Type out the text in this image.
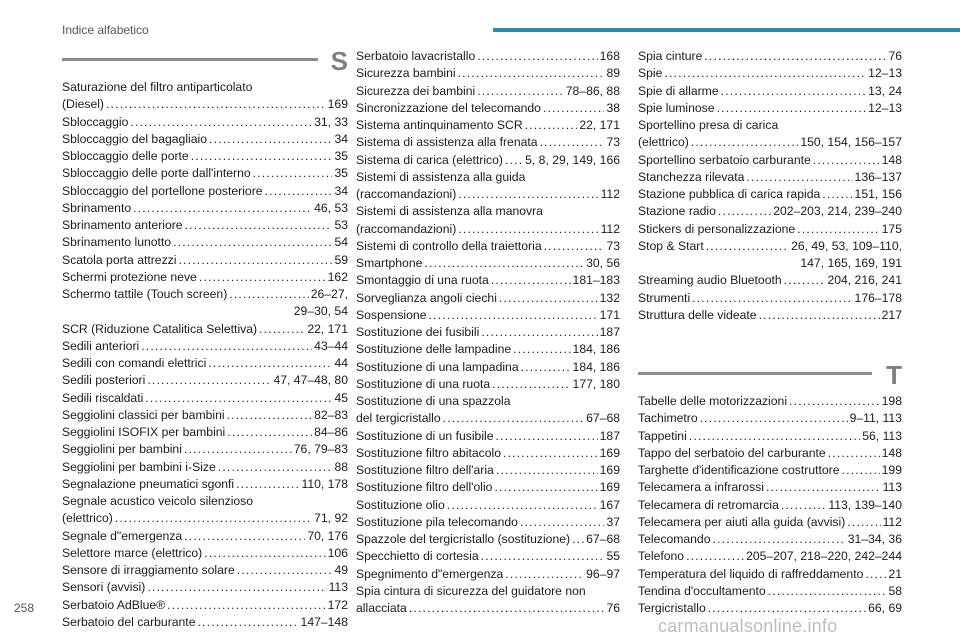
Indice alfabetico
S
Saturazione del filtro antiparticolato
(Diesel) . . .	169
Sbloccaggio . . .	31, 33
Sbloccaggio del bagagliaio . . .	34
Sbloccaggio delle porte . . .	35
Sbloccaggio delle porte dall'interno . . .	35
Sbloccaggio del portellone posteriore . . .	34
Sbrinamento . . .	46, 53
Sbrinamento anteriore . . .	53
Sbrinamento lunotto . . .	54
Scatola porta attrezzi . . .	59
Schermi protezione neve . . .	162
Schermo tattile (Touch screen) . . .	26–27,
29–30, 54
SCR (Riduzione Catalitica Selettiva) . . .	22, 171
Sedili anteriori . . .	43–44
Sedili con comandi elettrici . . .	44
Sedili posteriori . . .	47, 47–48, 80
Sedili riscaldati . . .	45
Seggiolini classici per bambini . . .	82–83
Seggiolini ISOFIX per bambini . . .	84–86
Seggiolini per bambini . . .	76, 79–83
Seggiolini per bambini i-Size . . .	88
Segnalazione pneumatici sgonfi . . .	110, 178
Segnale acustico veicolo silenzioso
(elettrico) . . .	71, 92
Segnale d"emergenza . . .	70, 176
Selettore marce (elettrico) . . .	106
Sensore di irraggiamento solare . . .	49
Sensori (avvisi) . . .	113
Serbatoio AdBlue® . . .	172
Serbatoio del carburante . . .	147–148
Serbatoio lavacristallo . . .	168
Sicurezza bambini . . .	89
Sicurezza dei bambini . . .	78–86, 88
Sincronizzazione del telecomando . . .	38
Sistema antinquinamento SCR . . .	22, 171
Sistema di assistenza alla frenata . . .	73
Sistema di carica (elettrico) . . . 5, 8, 29, 149, 166
Sistemi di assistenza alla guida
(raccomandazioni) . . .	112
Sistemi di assistenza alla manovra
(raccomandazioni) . . .	112
Sistemi di controllo della traiettoria . . .	73
Smartphone . . .	30, 56
Smontaggio di una ruota . . .	181–183
Sorveglianza angoli ciechi . . .	132
Sospensione . . .	171
Sostituzione dei fusibili . . .	187
Sostituzione delle lampadine . . .	184, 186
Sostituzione di una lampadina . . .	184, 186
Sostituzione di una ruota . . .	177, 180
Sostituzione di una spazzola
del tergicristallo . . .	67–68
Sostituzione di un fusibile . . .	187
Sostituzione filtro abitacolo . . .	169
Sostituzione filtro dell'aria . . .	169
Sostituzione filtro dell'olio . . .	169
Sostituzione olio . . .	167
Sostituzione pila telecomando . . .	37
Spazzole del tergicristallo (sostituzione) . . . 67–68
Specchietto di cortesia . . .	55
Spegnimento d"emergenza . . .	96–97
Spia cintura di sicurezza del guidatore non
allacciata . . .	76
Spia cinture . . .	76
Spie . . .	12–13
Spie di allarme . . .	13, 24
Spie luminose . . .	12–13
Sportellino presa di carica
(elettrico) . . .	150, 154, 156–157
Sportellino serbatoio carburante . . .	148
Stanchezza rilevata . . .	136–137
Stazione pubblica di carica rapida . . .	151, 156
Stazione radio . . .	202–203, 214, 239–240
Stickers di personalizzazione . . .	175
Stop & Start . . .	26, 49, 53, 109–110,
147, 165, 169, 191
Streaming audio Bluetooth . . .	204, 216, 241
Strumenti . . .	176–178
Struttura delle videate . . .	217
T
Tabelle delle motorizzazioni . . .	198
Tachimetro . . .	9–11, 113
Tappetini . . .	56, 113
Tappo del serbatoio del carburante . . .	148
Targhette d'identificazione costruttore . . .	199
Telecamera a infrarossi . . .	113
Telecamera di retromarcia . . .	113, 139–140
Telecamera per aiuti alla guida (avvisi) . . .	112
Telecomando . . .	31–34, 36
Telefono . . .	205–207, 218–220, 242–244
Temperatura del liquido di raffreddamento . . . 21
Tendina d'occultamento . . .	58
Tergicristallo . . .	66, 69
258
carmanualsonline.info
